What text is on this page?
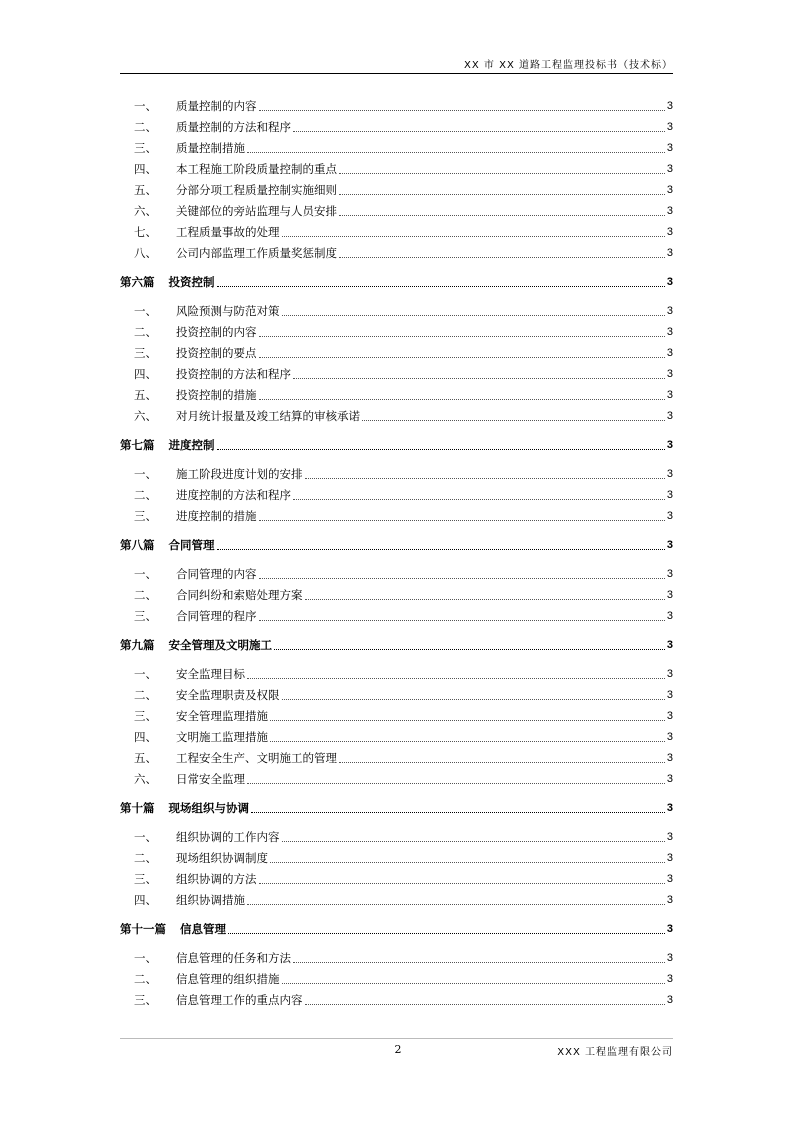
XX 市 XX 道路工程监理投标书（技术标）
一、	质量控制的内容	3
二、	质量控制的方法和程序	3
三、	质量控制措施	3
四、	本工程施工阶段质量控制的重点	3
五、	分部分项工程质量控制实施细则	3
六、	关键部位的旁站监理与人员安排	3
七、	工程质量事故的处理	3
八、	公司内部监理工作质量奖惩制度	3
第六篇	投资控制	3
一、	风险预测与防范对策	3
二、	投资控制的内容	3
三、	投资控制的要点	3
四、	投资控制的方法和程序	3
五、	投资控制的措施	3
六、	对月统计报量及竣工结算的审核承诺	3
第七篇	进度控制	3
一、	施工阶段进度计划的安排	3
二、	进度控制的方法和程序	3
三、	进度控制的措施	3
第八篇	合同管理	3
一、	合同管理的内容	3
二、	合同纠纷和索赔处理方案	3
三、	合同管理的程序	3
第九篇	安全管理及文明施工	3
一、	安全监理目标	3
二、	安全监理职责及权限	3
三、	安全管理监理措施	3
四、	文明施工监理措施	3
五、	工程安全生产、文明施工的管理	3
六、	日常安全监理	3
第十篇	现场组织与协调	3
一、	组织协调的工作内容	3
二、	现场组织协调制度	3
三、	组织协调的方法	3
四、	组织协调措施	3
第十一篇	信息管理	3
一、	信息管理的任务和方法	3
二、	信息管理的组织措施	3
三、	信息管理工作的重点内容	3
2	XXX 工程监理有限公司
